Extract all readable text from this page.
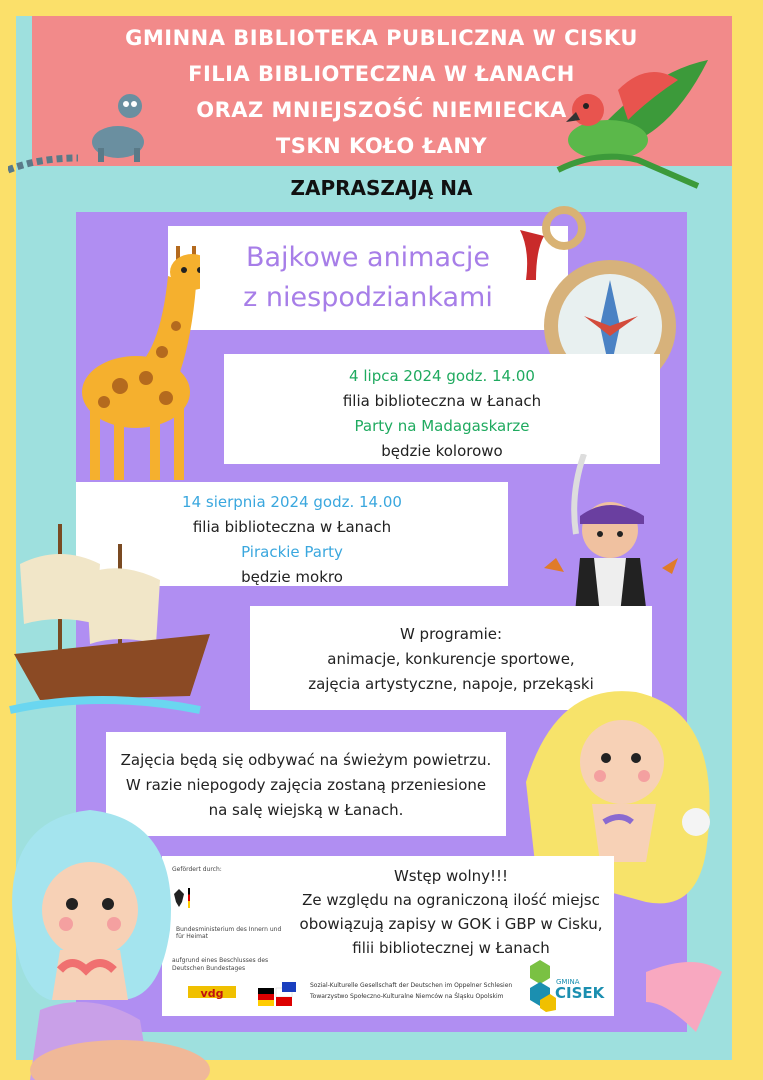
GMINNA BIBLIOTEKA PUBLICZNA W CISKU
FILIA BIBLIOTECZNA W ŁANACH
ORAZ MNIEJSZOŚĆ NIEMIECKA
TSKN KOŁO ŁANY
ZAPRASZAJĄ NA
Bajkowe animacje
z niespodziankami
4 lipca 2024 godz. 14.00
filia biblioteczna w Łanach
Party na Madagaskarze
będzie kolorowo
14 sierpnia 2024 godz. 14.00
filia biblioteczna w Łanach
Pirackie Party
będzie mokro
W programie:
animacje, konkurencje sportowe,
zajęcia artystyczne, napoje, przekąski
Zajęcia będą się odbywać na świeżym powietrzu.
W razie niepogody zajęcia zostaną przeniesione
na salę wiejską w Łanach.
Gefördert durch:
Bundesministerium des Innern und für Heimat
aufgrund eines Beschlusses des Deutschen Bundestages
Wstęp wolny!!!
Ze względu na ograniczoną ilość miejsc
obowiązują zapisy w GOK i GBP w Cisku,
filii bibliotecznej w Łanach
vdg
Sozial-Kulturelle Gesellschaft der Deutschen im Oppelner Schlesien
Towarzystwo Społeczno-Kulturalne Niemców na Śląsku Opolskim
GMINA
CISEK
